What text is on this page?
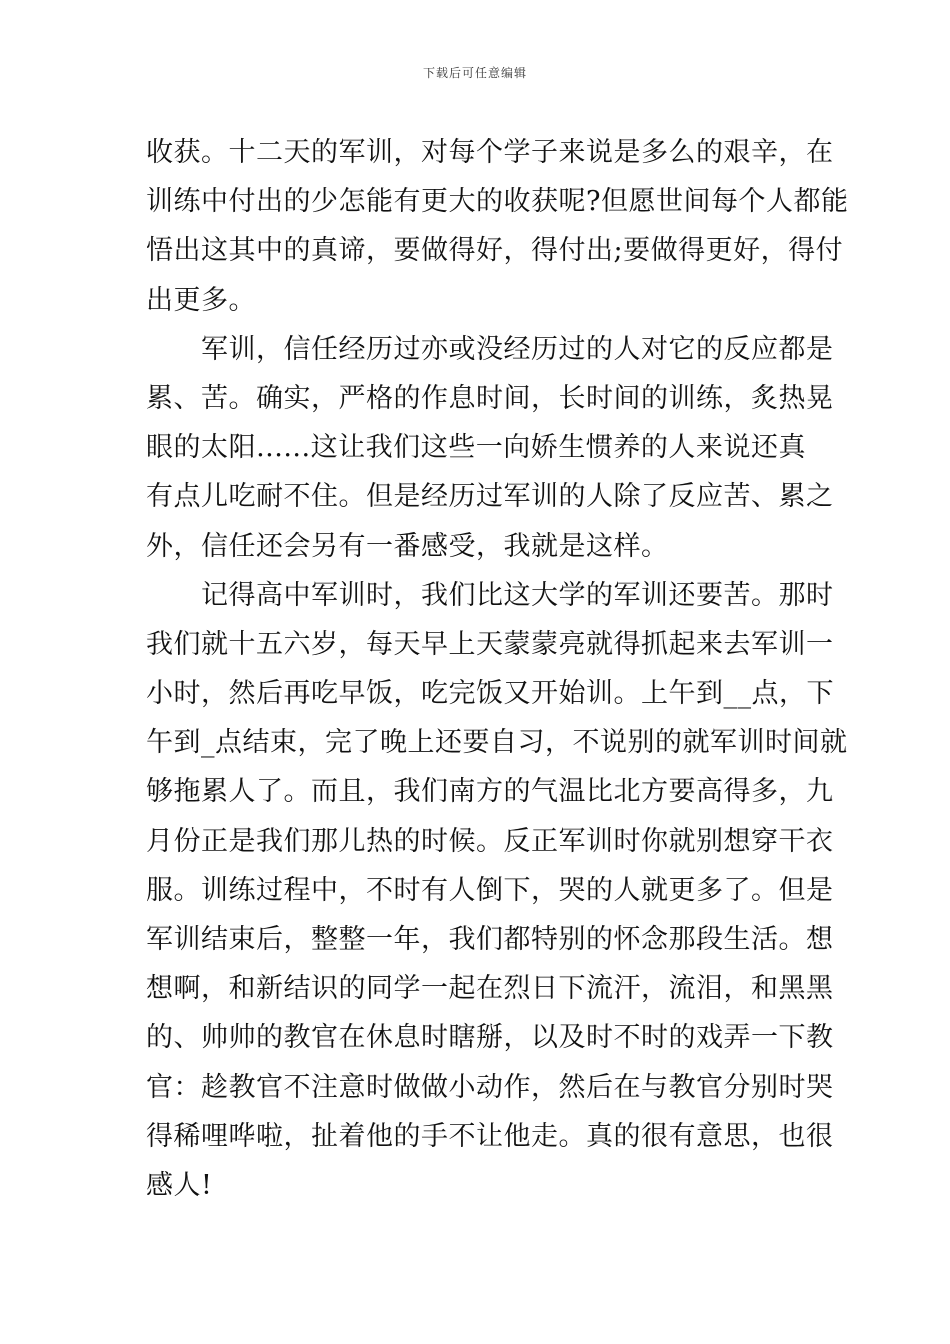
下载后可任意编辑
收获。十二天的军训，对每个学子来说是多么的艰辛，在
训练中付出的少怎能有更大的收获呢?但愿世间每个人都能
悟出这其中的真谛，要做得好，得付出;要做得更好，得付
出更多。
　　军训，信任经历过亦或没经历过的人对它的反应都是
累、苦。确实，严格的作息时间，长时间的训练，炙热晃
眼的太阳......这让我们这些一向娇生惯养的人来说还真
有点儿吃耐不住。但是经历过军训的人除了反应苦、累之
外，信任还会另有一番感受，我就是这样。
　　记得高中军训时，我们比这大学的军训还要苦。那时
我们就十五六岁，每天早上天蒙蒙亮就得抓起来去军训一
小时，然后再吃早饭，吃完饭又开始训。上午到__点，下
午到_点结束，完了晚上还要自习，不说别的就军训时间就
够拖累人了。而且，我们南方的气温比北方要高得多，九
月份正是我们那儿热的时候。反正军训时你就别想穿干衣
服。训练过程中，不时有人倒下，哭的人就更多了。但是
军训结束后，整整一年，我们都特别的怀念那段生活。想
想啊，和新结识的同学一起在烈日下流汗，流泪，和黑黑
的、帅帅的教官在休息时瞎掰，以及时不时的戏弄一下教
官：趁教官不注意时做做小动作，然后在与教官分别时哭
得稀哩哗啦，扯着他的手不让他走。真的很有意思，也很
感人!
